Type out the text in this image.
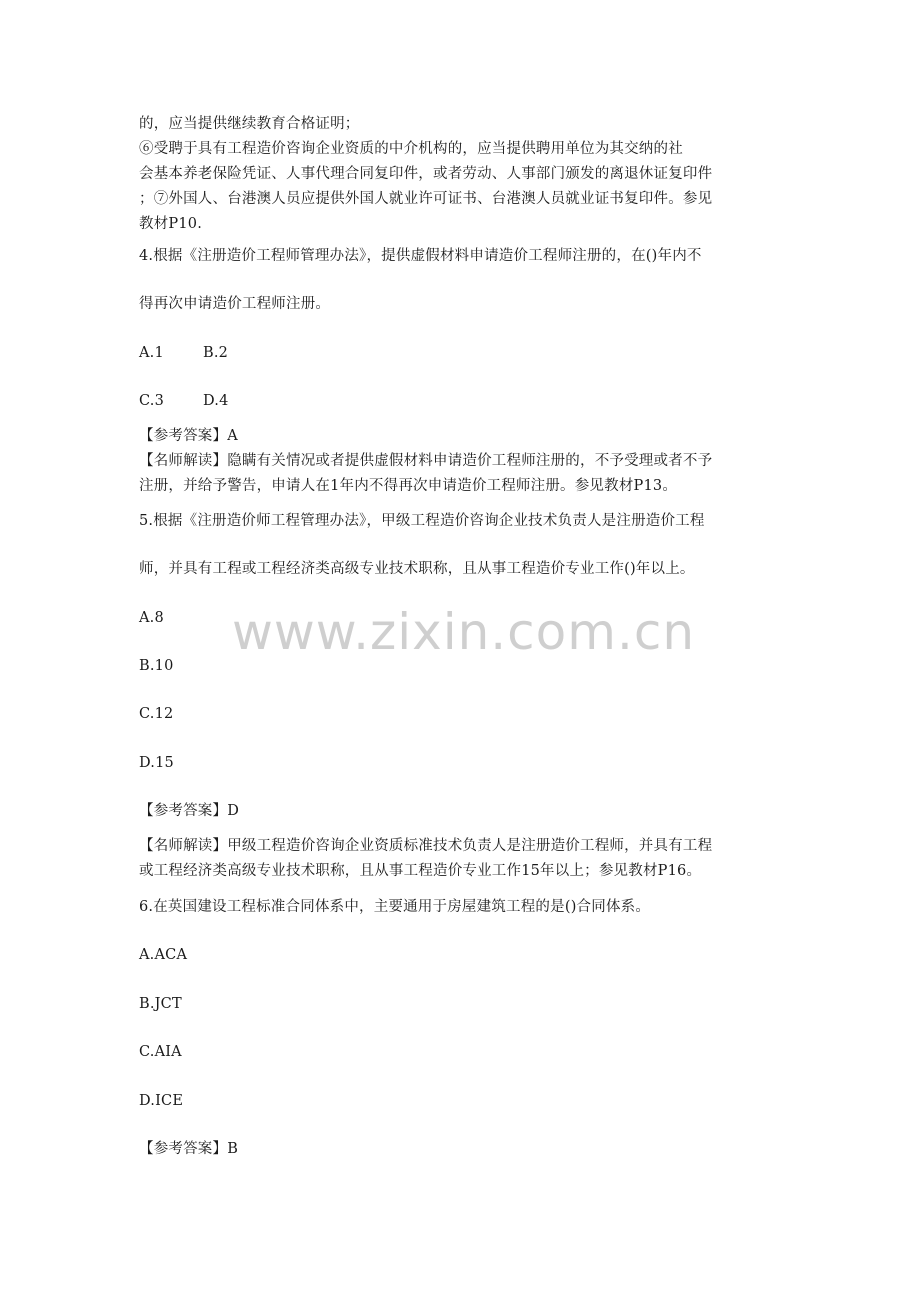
的，应当提供继续教育合格证明；
⑥受聘于具有工程造价咨询企业资质的中介机构的，应当提供聘用单位为其交纳的社
会基本养老保险凭证、人事代理合同复印件，或者劳动、人事部门颁发的离退休证复印件
；⑦外国人、台港澳人员应提供外国人就业许可证书、台港澳人员就业证书复印件。参见
教材P10.
4.根据《注册造价工程师管理办法》，提供虚假材料申请造价工程师注册的，在()年内不
得再次申请造价工程师注册。
A.1	B.2
C.3	D.4
【参考答案】A
【名师解读】隐瞒有关情况或者提供虚假材料申请造价工程师注册的，不予受理或者不予
注册，并给予警告，申请人在1年内不得再次申请造价工程师注册。参见教材P13。
5.根据《注册造价师工程管理办法》，甲级工程造价咨询企业技术负责人是注册造价工程
师，并具有工程或工程经济类高级专业技术职称，且从事工程造价专业工作()年以上。
A.8
B.10
C.12
D.15
【参考答案】D
【名师解读】甲级工程造价咨询企业资质标准技术负责人是注册造价工程师，并具有工程
或工程经济类高级专业技术职称，且从事工程造价专业工作15年以上；参见教材P16。
6.在英国建设工程标准合同体系中，主要通用于房屋建筑工程的是()合同体系。
A.ACA
B.JCT
C.AIA
D.ICE
【参考答案】B
www.zixin.com.cn
